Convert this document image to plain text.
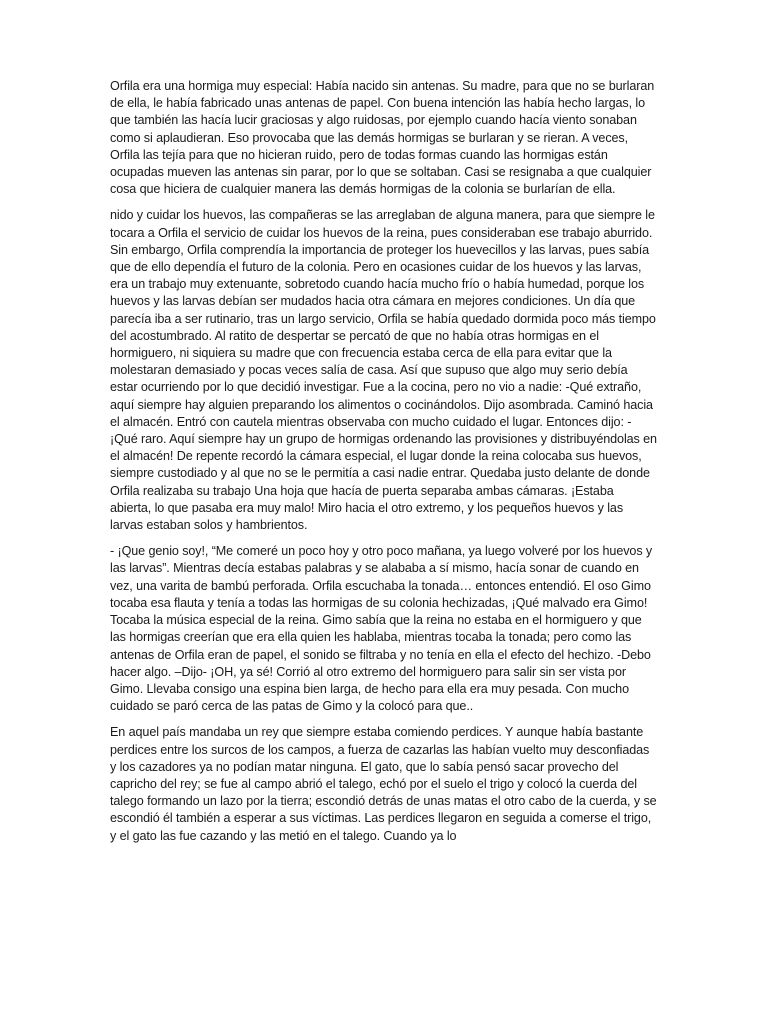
Orfila era una hormiga muy especial: Había nacido sin antenas. Su madre, para que no se burlaran de ella, le había fabricado unas antenas de papel. Con buena intención las había hecho largas, lo que también las hacía lucir graciosas y algo ruidosas, por ejemplo cuando hacía viento sonaban como si aplaudieran. Eso provocaba que las demás hormigas se burlaran y se rieran. A veces, Orfila las tejía para que no hicieran ruido, pero de todas formas cuando las hormigas están ocupadas mueven las antenas sin parar, por lo que se soltaban. Casi se resignaba a que cualquier cosa que hiciera de cualquier manera las demás hormigas de la colonia se burlarían de ella.

nido y cuidar los huevos, las compañeras se las arreglaban de alguna manera, para que siempre le tocara a Orfila el servicio de cuidar los huevos de la reina, pues consideraban ese trabajo aburrido. Sin embargo, Orfila comprendía la importancia de proteger los huevecillos y las larvas, pues sabía que de ello dependía el futuro de la colonia. Pero en ocasiones cuidar de los huevos y las larvas, era un trabajo muy extenuante, sobretodo cuando hacía mucho frío o había humedad, porque los huevos y las larvas debían ser mudados hacia otra cámara en mejores condiciones. Un día que parecía iba a ser rutinario, tras un largo servicio, Orfila se había quedado dormida poco más tiempo del acostumbrado. Al ratito de despertar se percató de que no había otras hormigas en el hormiguero, ni siquiera su madre que con frecuencia estaba cerca de ella para evitar que la molestaran demasiado y pocas veces salía de casa. Así que supuso que algo muy serio debía estar ocurriendo por lo que decidió investigar. Fue a la cocina, pero no vio a nadie: -Qué extraño, aquí siempre hay alguien preparando los alimentos o cocinándolos. Dijo asombrada. Caminó hacia el almacén. Entró con cautela mientras observaba con mucho cuidado el lugar. Entonces dijo: - ¡Qué raro. Aquí siempre hay un grupo de hormigas ordenando las provisiones y distribuyéndolas en el almacén! De repente recordó la cámara especial, el lugar donde la reina colocaba sus huevos, siempre custodiado y al que no se le permitía a casi nadie entrar. Quedaba justo delante de donde Orfila realizaba su trabajo Una hoja que hacía de puerta separaba ambas cámaras. ¡Estaba abierta, lo que pasaba era muy malo! Miro hacia el otro extremo, y los pequeños huevos y las larvas estaban solos y hambrientos.

- ¡Que genio soy!, “Me comeré un poco hoy y otro poco mañana, ya luego volveré por los huevos y las larvas”. Mientras decía estabas palabras y se alababa a sí mismo, hacía sonar de cuando en vez, una varita de bambú perforada. Orfila escuchaba la tonada… entonces entendió. El oso Gimo tocaba esa flauta y tenía a todas las hormigas de su colonia hechizadas, ¡Qué malvado era Gimo! Tocaba la música especial de la reina. Gimo sabía que la reina no estaba en el hormiguero y que las hormigas creerían que era ella quien les hablaba, mientras tocaba la tonada; pero como las antenas de Orfila eran de papel, el sonido se filtraba y no tenía en ella el efecto del hechizo. -Debo hacer algo. –Dijo- ¡OH, ya sé! Corrió al otro extremo del hormiguero para salir sin ser vista por Gimo. Llevaba consigo una espina bien larga, de hecho para ella era muy pesada. Con mucho cuidado se paró cerca de las patas de Gimo y la colocó para que..

En aquel país mandaba un rey que siempre estaba comiendo perdices. Y aunque había bastante perdices entre los surcos de los campos, a fuerza de cazarlas las habían vuelto muy desconfiadas y los cazadores ya no podían matar ninguna. El gato, que lo sabía pensó sacar provecho del capricho del rey; se fue al campo abrió el talego, echó por el suelo el trigo y colocó la cuerda del talego formando un lazo por la tierra; escondió detrás de unas matas el otro cabo de la cuerda, y se escondió él también a esperar a sus víctimas. Las perdices llegaron en seguida a comerse el trigo, y el gato las fue cazando y las metió en el talego. Cuando ya lo
